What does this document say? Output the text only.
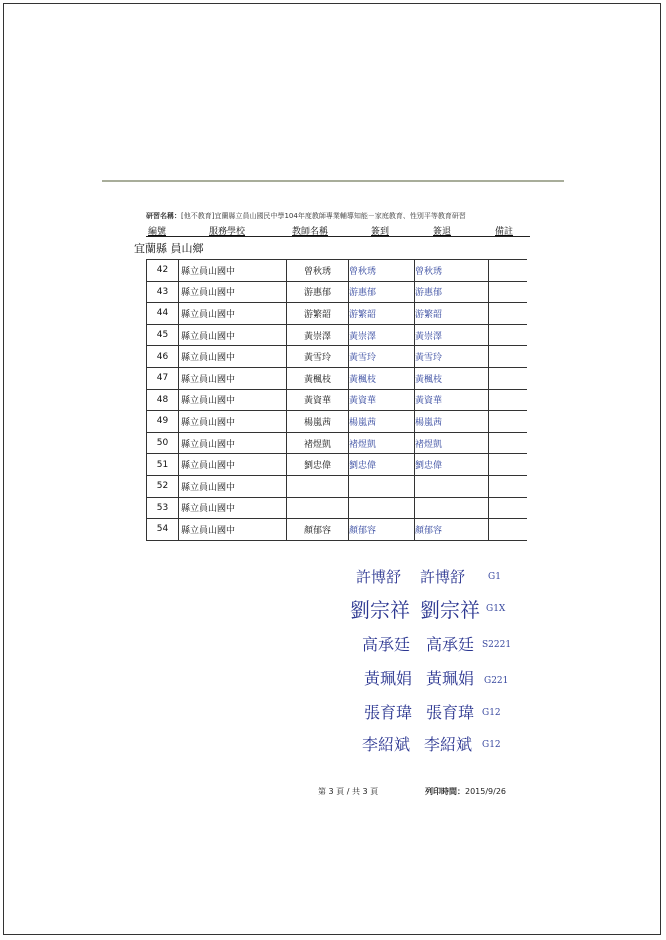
研習名稱：[他不教育]宜蘭縣立員山國民中學104年度教師專業輔導知能－家庭教育、性別平等教育研習
編號	服務學校	教師名稱	簽到	簽退	備註
宜蘭縣 員山鄉
42	縣立員山國中	曾秋琇	曾秋琇	曾秋琇	
43	縣立員山國中	游惠郁	游惠郁	游惠郁	
44	縣立員山國中	游繁韶	游繁韶	游繁韶	
45	縣立員山國中	黃崇澤	黃崇澤	黃崇澤	
46	縣立員山國中	黃雪玲	黃雪玲	黃雪玲	
47	縣立員山國中	黃楓枝	黃楓枝	黃楓枝	
48	縣立員山國中	黃資華	黃資華	黃資華	
49	縣立員山國中	楊嵐茜	楊嵐茜	楊嵐茜	
50	縣立員山國中	褚煜凱	褚煜凱	褚煜凱	
51	縣立員山國中	劉忠偉	劉忠偉	劉忠偉	
52	縣立員山國中				
53	縣立員山國中				
54	縣立員山國中	顏郁容	顏郁容	顏郁容	
許博舒 許博舒	G1
劉宗祥 劉宗祥 G1X
高承廷 高承廷 S2221
黃珮娟 黃珮娟 G221
張育瑋 張育瑋 G12
李紹斌 李紹斌 G12
第 3 頁 / 共 3 頁	列印時間：2015/9/26
